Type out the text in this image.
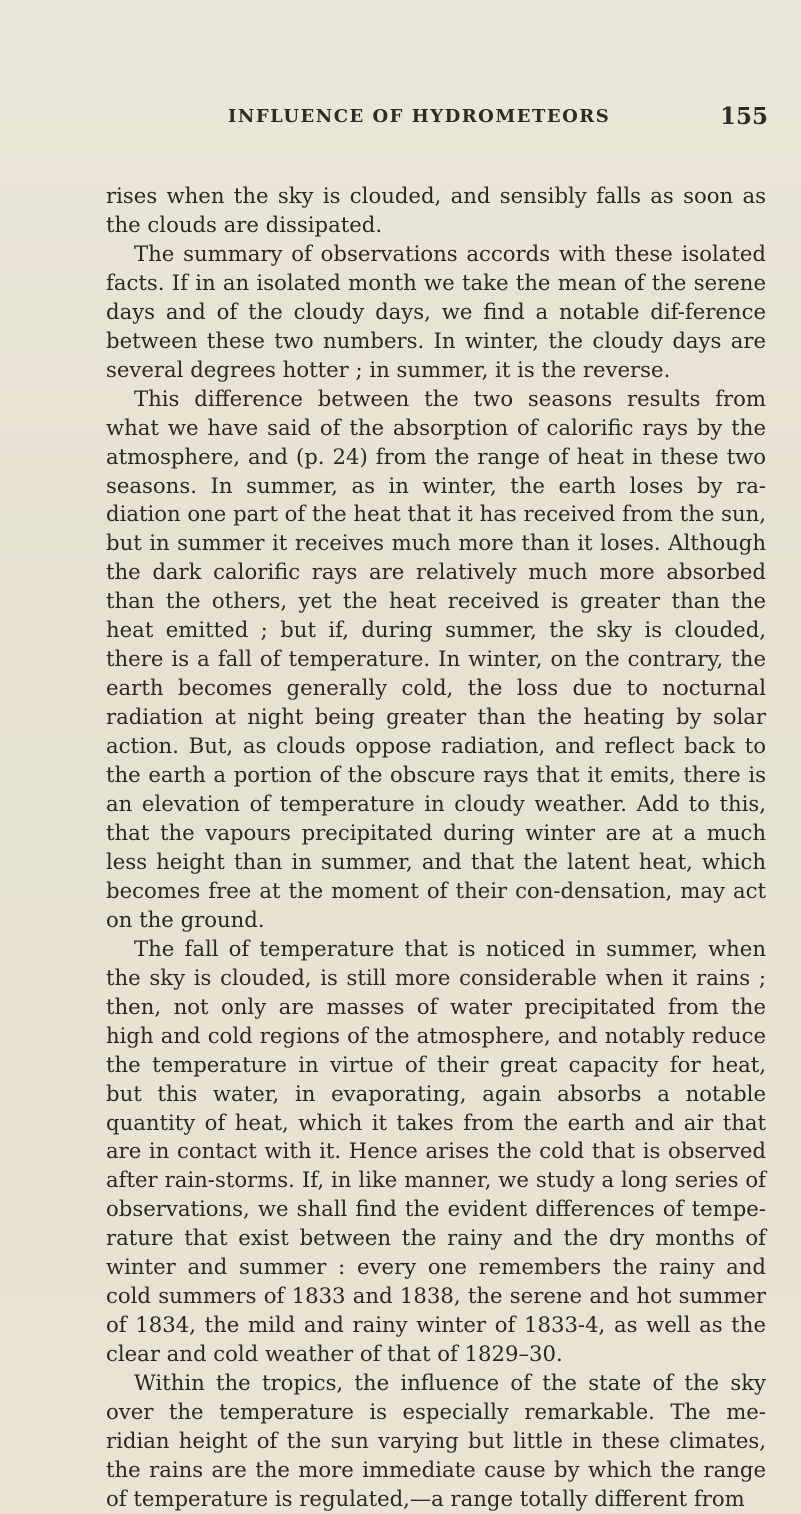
INFLUENCE OF HYDROMETEORS	155

rises when the sky is clouded, and sensibly falls as soon as the clouds are dissipated.

The summary of observations accords with these isolated facts. If in an isolated month we take the mean of the serene days and of the cloudy days, we find a notable dif-ference between these two numbers. In winter, the cloudy days are several degrees hotter ; in summer, it is the reverse.

This difference between the two seasons results from what we have said of the absorption of calorific rays by the atmosphere, and (p. 24) from the range of heat in these two seasons. In summer, as in winter, the earth loses by ra-diation one part of the heat that it has received from the sun, but in summer it receives much more than it loses. Although the dark calorific rays are relatively much more absorbed than the others, yet the heat received is greater than the heat emitted ; but if, during summer, the sky is clouded, there is a fall of temperature. In winter, on the contrary, the earth becomes generally cold, the loss due to nocturnal radiation at night being greater than the heating by solar action. But, as clouds oppose radiation, and reflect back to the earth a portion of the obscure rays that it emits, there is an elevation of temperature in cloudy weather. Add to this, that the vapours precipitated during winter are at a much less height than in summer, and that the latent heat, which becomes free at the moment of their con-densation, may act on the ground.

The fall of temperature that is noticed in summer, when the sky is clouded, is still more considerable when it rains ; then, not only are masses of water precipitated from the high and cold regions of the atmosphere, and notably reduce the temperature in virtue of their great capacity for heat, but this water, in evaporating, again absorbs a notable quantity of heat, which it takes from the earth and air that are in contact with it. Hence arises the cold that is observed after rain-storms. If, in like manner, we study a long series of observations, we shall find the evident differences of tempe-rature that exist between the rainy and the dry months of winter and summer : every one remembers the rainy and cold summers of 1833 and 1838, the serene and hot summer of 1834, the mild and rainy winter of 1833-4, as well as the clear and cold weather of that of 1829–30.

Within the tropics, the influence of the state of the sky over the temperature is especially remarkable. The me-ridian height of the sun varying but little in these climates, the rains are the more immediate cause by which the range of temperature is regulated,—a range totally different from
